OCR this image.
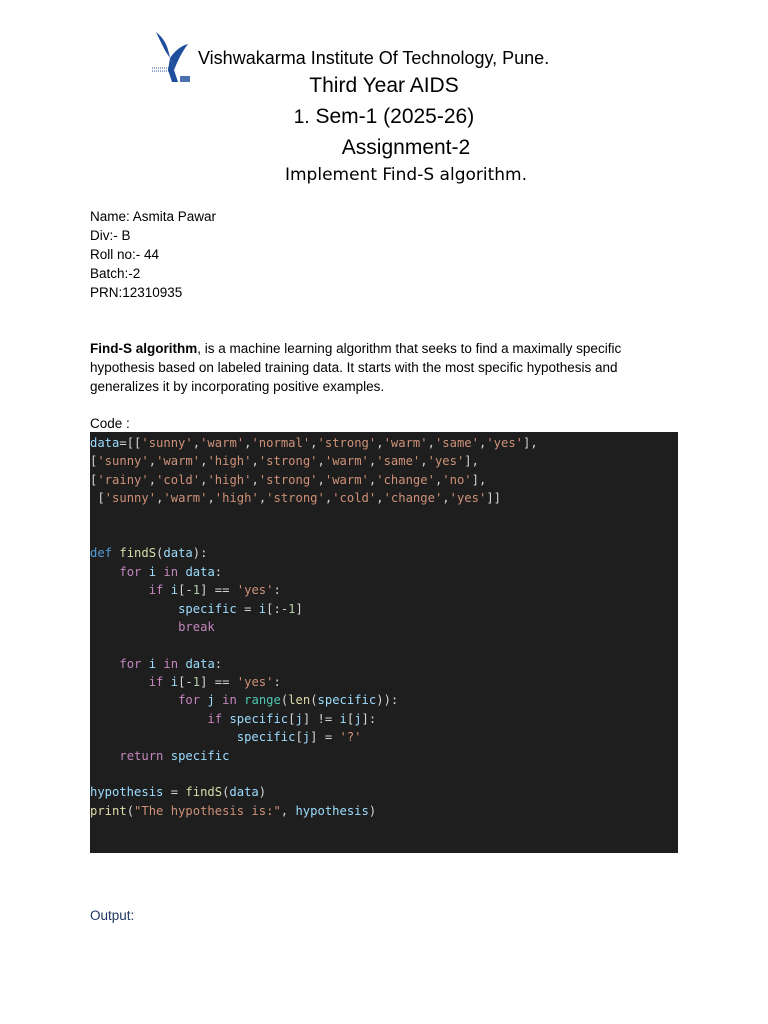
Vishwakarma Institute Of Technology, Pune.
Third Year AIDS
1. Sem-1 (2025-26)
Assignment-2
Implement Find-S algorithm.
Name: Asmita Pawar
Div:- B
Roll no:- 44
Batch:-2
PRN:12310935
Find-S algorithm, is a machine learning algorithm that seeks to find a maximally specific hypothesis based on labeled training data. It starts with the most specific hypothesis and generalizes it by incorporating positive examples.
Code :
data=[['sunny','warm','normal','strong','warm','same','yes'],
['sunny','warm','high','strong','warm','same','yes'],
['rainy','cold','high','strong','warm','change','no'],
['sunny','warm','high','strong','cold','change','yes']]

def findS(data):
for i in data:
if i[-1] == 'yes':
specific = i[:-1]
break

for i in data:
if i[-1] == 'yes':
for j in range(len(specific)):
if specific[j] != i[j]:
specific[j] = '?'
return specific

hypothesis = findS(data)
print("The hypothesis is:", hypothesis)
Output:
